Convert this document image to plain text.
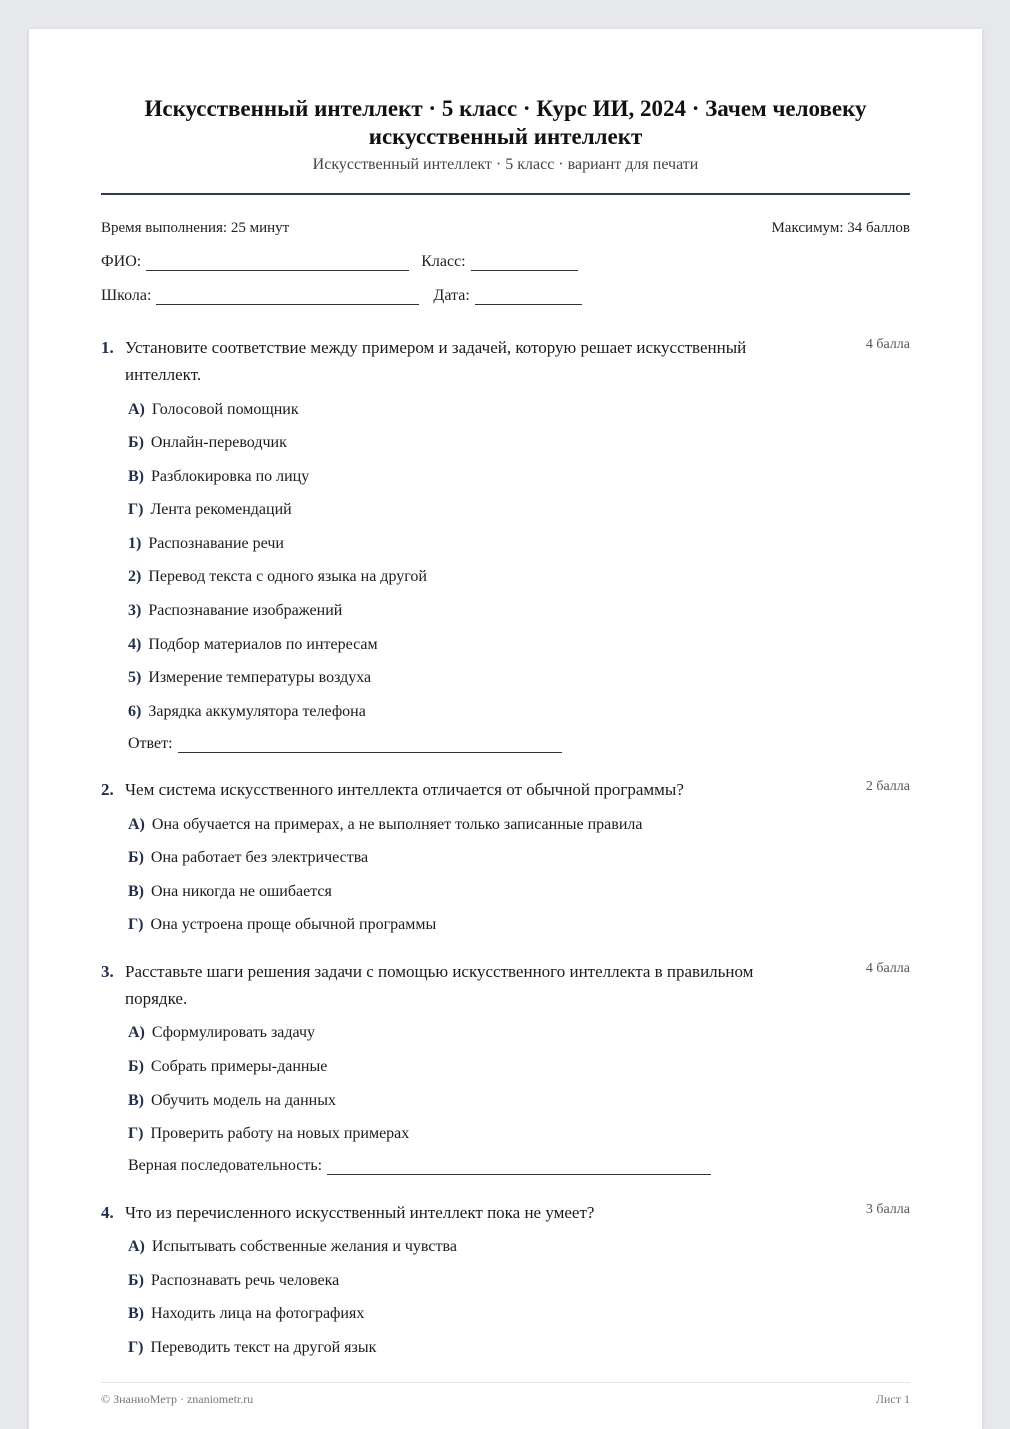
Искусственный интеллект · 5 класс · Курс ИИ, 2024 · Зачем человеку искусственный интеллект
Искусственный интеллект · 5 класс · вариант для печати
Время выполнения: 25 минут	Максимум: 34 баллов
ФИО:	Класс:
Школа:	Дата:
1. Установите соответствие между примером и задачей, которую решает искусственный интеллект.
4 балла
А) Голосовой помощник
Б) Онлайн-переводчик
В) Разблокировка по лицу
Г) Лента рекомендаций
1) Распознавание речи
2) Перевод текста с одного языка на другой
3) Распознавание изображений
4) Подбор материалов по интересам
5) Измерение температуры воздуха
6) Зарядка аккумулятора телефона
Ответ:
2. Чем система искусственного интеллекта отличается от обычной программы?	2 балла
А) Она обучается на примерах, а не выполняет только записанные правила
Б) Она работает без электричества
В) Она никогда не ошибается
Г) Она устроена проще обычной программы
3. Расставьте шаги решения задачи с помощью искусственного интеллекта в правильном порядке.
4 балла
А) Сформулировать задачу
Б) Собрать примеры-данные
В) Обучить модель на данных
Г) Проверить работу на новых примерах
Верная последовательность:
4. Что из перечисленного искусственный интеллект пока не умеет?	3 балла
А) Испытывать собственные желания и чувства
Б) Распознавать речь человека
В) Находить лица на фотографиях
Г) Переводить текст на другой язык
© ЗнаниоМетр · znaniometr.ru	Лист 1
